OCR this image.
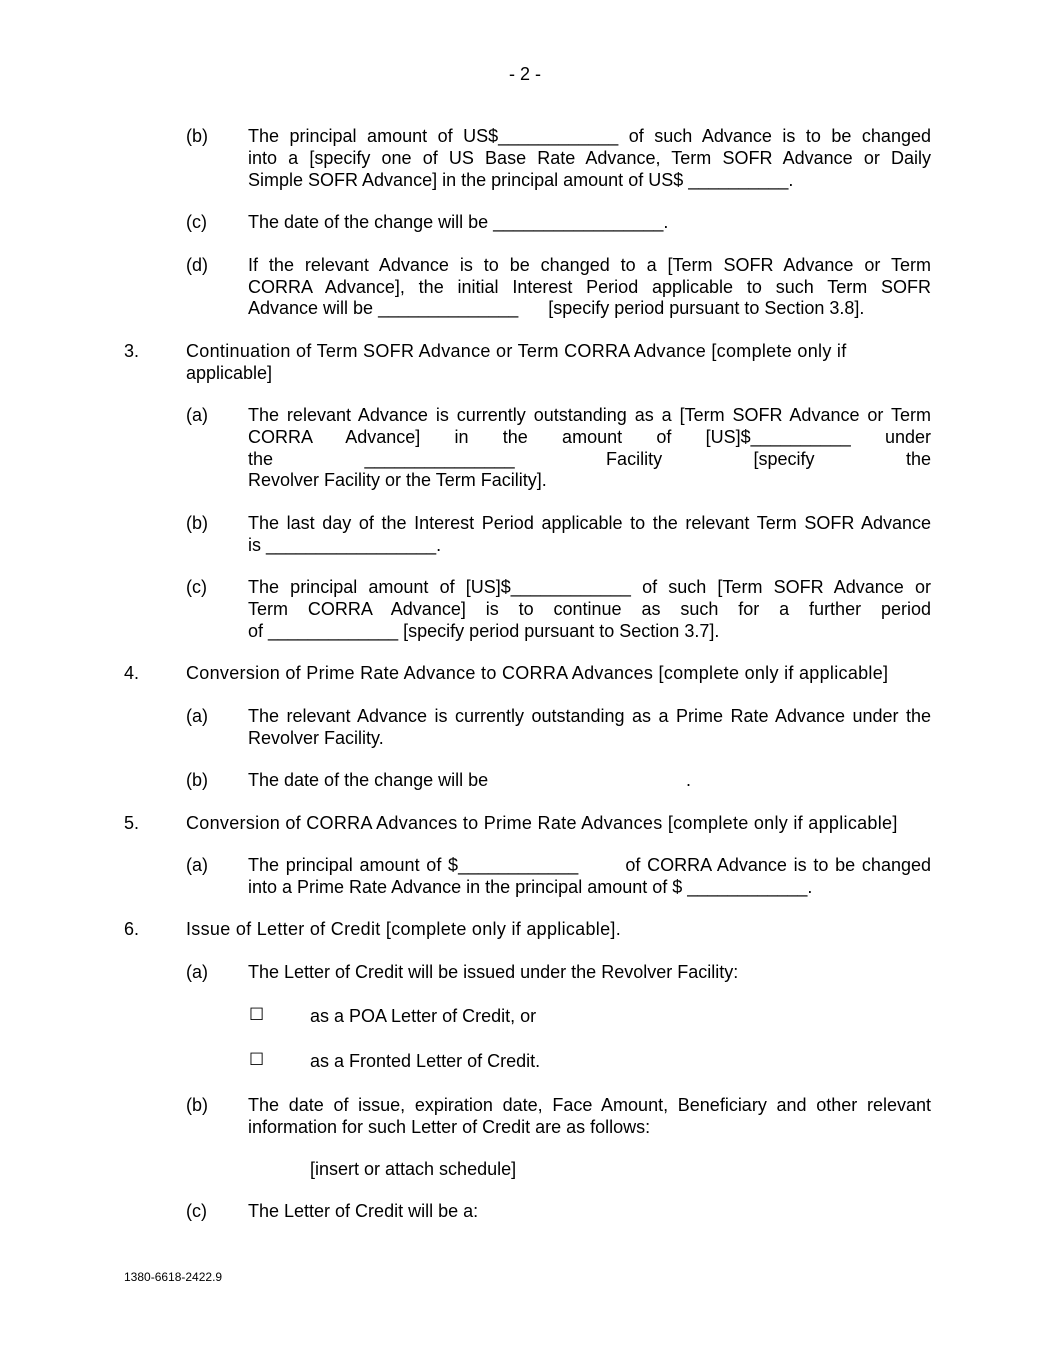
- 2 -
(b) The principal amount of US$____________ of such Advance is to be changed
into a [specify one of US Base Rate Advance, Term SOFR Advance or Daily
Simple SOFR Advance] in the principal amount of US$ __________.
(c) The date of the change will be _________________.
(d) If the relevant Advance is to be changed to a [Term SOFR Advance or Term
CORRA Advance], the initial Interest Period applicable to such Term SOFR
Advance will be ______________      [specify period pursuant to Section 3.8].
3.	Continuation of Term SOFR Advance or Term CORRA Advance [complete only if
applicable]
(a) The relevant Advance is currently outstanding as a [Term SOFR Advance or Term
CORRA Advance] in the amount of [US]$__________ under
the _______________ Facility [specify the
Revolver Facility or the Term Facility].
(b) The last day of the Interest Period applicable to the relevant Term SOFR Advance
is _________________.
(c) The principal amount of [US]$____________ of such [Term SOFR Advance or
Term CORRA Advance] is to continue as such for a further period
of _____________ [specify period pursuant to Section 3.7].
4.	Conversion of Prime Rate Advance to CORRA Advances [complete only if applicable]
(a) The relevant Advance is currently outstanding as a Prime Rate Advance under the
Revolver Facility.
(b) The date of the change will be	.
5.	Conversion of CORRA Advances to Prime Rate Advances [complete only if applicable]
(a) The principal amount of $____________       of CORRA Advance is to be changed
into a Prime Rate Advance in the principal amount of $ ____________.
6.	Issue of Letter of Credit [complete only if applicable].
(a) The Letter of Credit will be issued under the Revolver Facility:
☐	as a POA Letter of Credit, or
☐	as a Fronted Letter of Credit.
(b) The date of issue, expiration date, Face Amount, Beneficiary and other relevant
information for such Letter of Credit are as follows:
[insert or attach schedule]
(c) The Letter of Credit will be a:
1380-6618-2422.9
